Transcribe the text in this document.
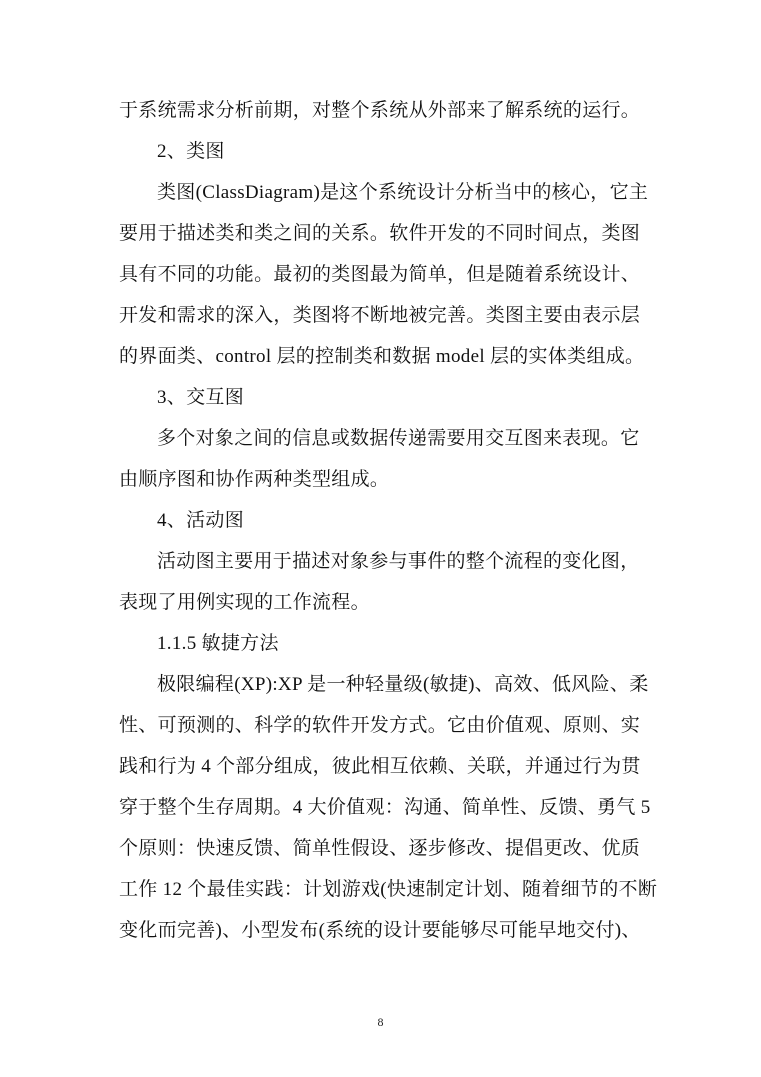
于系统需求分析前期，对整个系统从外部来了解系统的运行。
2、类图
类图(ClassDiagram)是这个系统设计分析当中的核心，它主
要用于描述类和类之间的关系。软件开发的不同时间点，类图
具有不同的功能。最初的类图最为简单，但是随着系统设计、
开发和需求的深入，类图将不断地被完善。类图主要由表示层
的界面类、control 层的控制类和数据 model 层的实体类组成。
3、交互图
多个对象之间的信息或数据传递需要用交互图来表现。它
由顺序图和协作两种类型组成。
4、活动图
活动图主要用于描述对象参与事件的整个流程的变化图，
表现了用例实现的工作流程。
1.1.5 敏捷方法
极限编程(XP):XP 是一种轻量级(敏捷)、高效、低风险、柔
性、可预测的、科学的软件开发方式。它由价值观、原则、实
践和行为 4 个部分组成，彼此相互依赖、关联，并通过行为贯
穿于整个生存周期。4 大价值观：沟通、简单性、反馈、勇气 5
个原则：快速反馈、简单性假设、逐步修改、提倡更改、优质
工作 12 个最佳实践：计划游戏(快速制定计划、随着细节的不断
变化而完善)、小型发布(系统的设计要能够尽可能早地交付)、
8
